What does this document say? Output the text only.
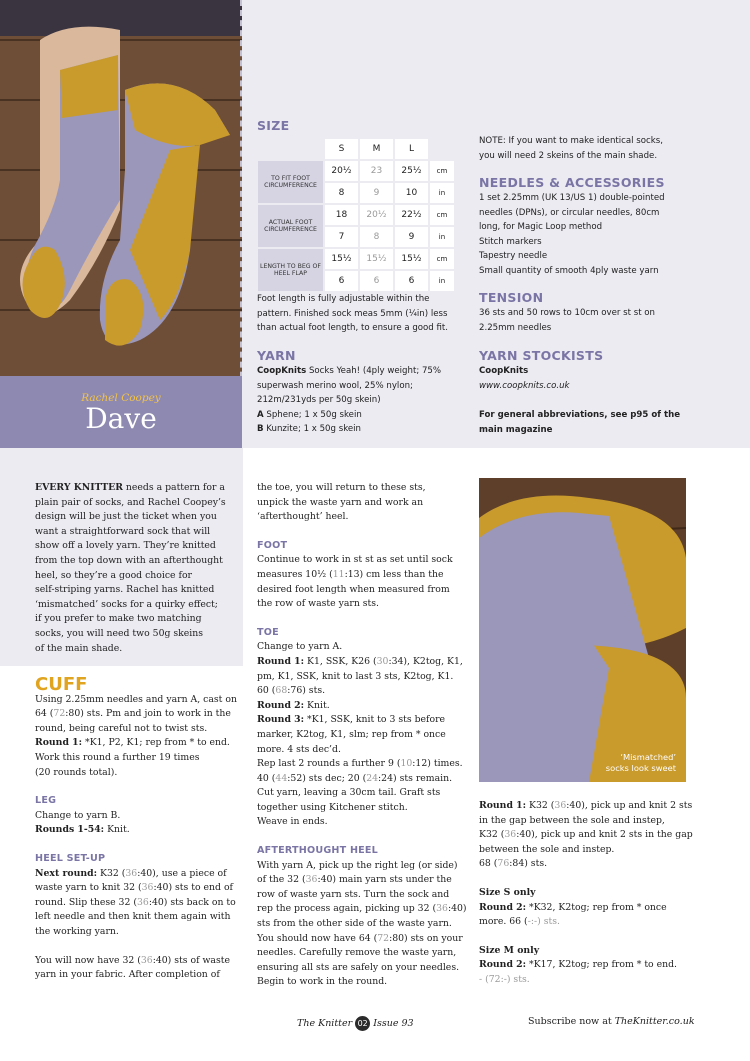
Rachel Coopey
Dave
SIZE
	S	M	L	
TO FIT FOOT CIRCUMFERENCE	20½	23	25½	cm
	8	9	10	in
ACTUAL FOOT CIRCUMFERENCE	18	20½	22½	cm
	7	8	9	in
LENGTH TO BEG OF HEEL FLAP	15½	15½	15½	cm
	6	6	6	in
Foot length is fully adjustable within the
pattern. Finished sock meas 5mm (¼in) less
than actual foot length, to ensure a good fit.
YARN
CoopKnits Socks Yeah! (4ply weight; 75%
superwash merino wool, 25% nylon;
212m/231yds per 50g skein)
A Sphene; 1 x 50g skein
B Kunzite; 1 x 50g skein
NOTE: If you want to make identical socks,
you will need 2 skeins of the main shade.
NEEDLES & ACCESSORIES
1 set 2.25mm (UK 13/US 1) double-pointed
needles (DPNs), or circular needles, 80cm
long, for Magic Loop method
Stitch markers
Tapestry needle
Small quantity of smooth 4ply waste yarn
TENSION
36 sts and 50 rows to 10cm over st st on
2.25mm needles
YARN STOCKISTS
CoopKnits
www.coopknits.co.uk
For general abbreviations, see p95 of the
main magazine
EVERY KNITTER needs a pattern for a
plain pair of socks, and Rachel Coopey’s
design will be just the ticket when you
want a straightforward sock that will
show off a lovely yarn. They’re knitted
from the top down with an afterthought
heel, so they’re a good choice for
self-striping yarns. Rachel has knitted
‘mismatched’ socks for a quirky effect;
if you prefer to make two matching
socks, you will need two 50g skeins
of the main shade.
CUFF
Using 2.25mm needles and yarn A, cast on
64 (72:80) sts. Pm and join to work in the
round, being careful not to twist sts.
Round 1: *K1, P2, K1; rep from * to end.
Work this round a further 19 times
(20 rounds total).
LEG
Change to yarn B.
Rounds 1-54: Knit.
HEEL SET-UP
Next round: K32 (36:40), use a piece of
waste yarn to knit 32 (36:40) sts to end of
round. Slip these 32 (36:40) sts back on to
left needle and then knit them again with
the working yarn.
You will now have 32 (36:40) sts of waste
yarn in your fabric. After completion of
the toe, you will return to these sts,
unpick the waste yarn and work an
‘afterthought’ heel.
FOOT
Continue to work in st st as set until sock
measures 10½ (11:13) cm less than the
desired foot length when measured from
the row of waste yarn sts.
TOE
Change to yarn A.
Round 1: K1, SSK, K26 (30:34), K2tog, K1,
pm, K1, SSK, knit to last 3 sts, K2tog, K1.
60 (68:76) sts.
Round 2: Knit.
Round 3: *K1, SSK, knit to 3 sts before
marker, K2tog, K1, slm; rep from * once
more. 4 sts dec’d.
Rep last 2 rounds a further 9 (10:12) times.
40 (44:52) sts dec; 20 (24:24) sts remain.
Cut yarn, leaving a 30cm tail. Graft sts
together using Kitchener stitch.
Weave in ends.
AFTERTHOUGHT HEEL
With yarn A, pick up the right leg (or side)
of the 32 (36:40) main yarn sts under the
row of waste yarn sts. Turn the sock and
rep the process again, picking up 32 (36:40)
sts from the other side of the waste yarn.
You should now have 64 (72:80) sts on your
needles. Carefully remove the waste yarn,
ensuring all sts are safely on your needles.
Begin to work in the round.
‘Mismatched’
socks look sweet
Round 1: K32 (36:40), pick up and knit 2 sts
in the gap between the sole and instep,
K32 (36:40), pick up and knit 2 sts in the gap
between the sole and instep.
68 (76:84) sts.
Size S only
Round 2: *K32, K2tog; rep from * once
more. 66 (-:-) sts.
Size M only
Round 2: *K17, K2tog; rep from * to end.
- (72:-) sts.
The Knitter 02 Issue 93	Subscribe now at TheKnitter.co.uk
